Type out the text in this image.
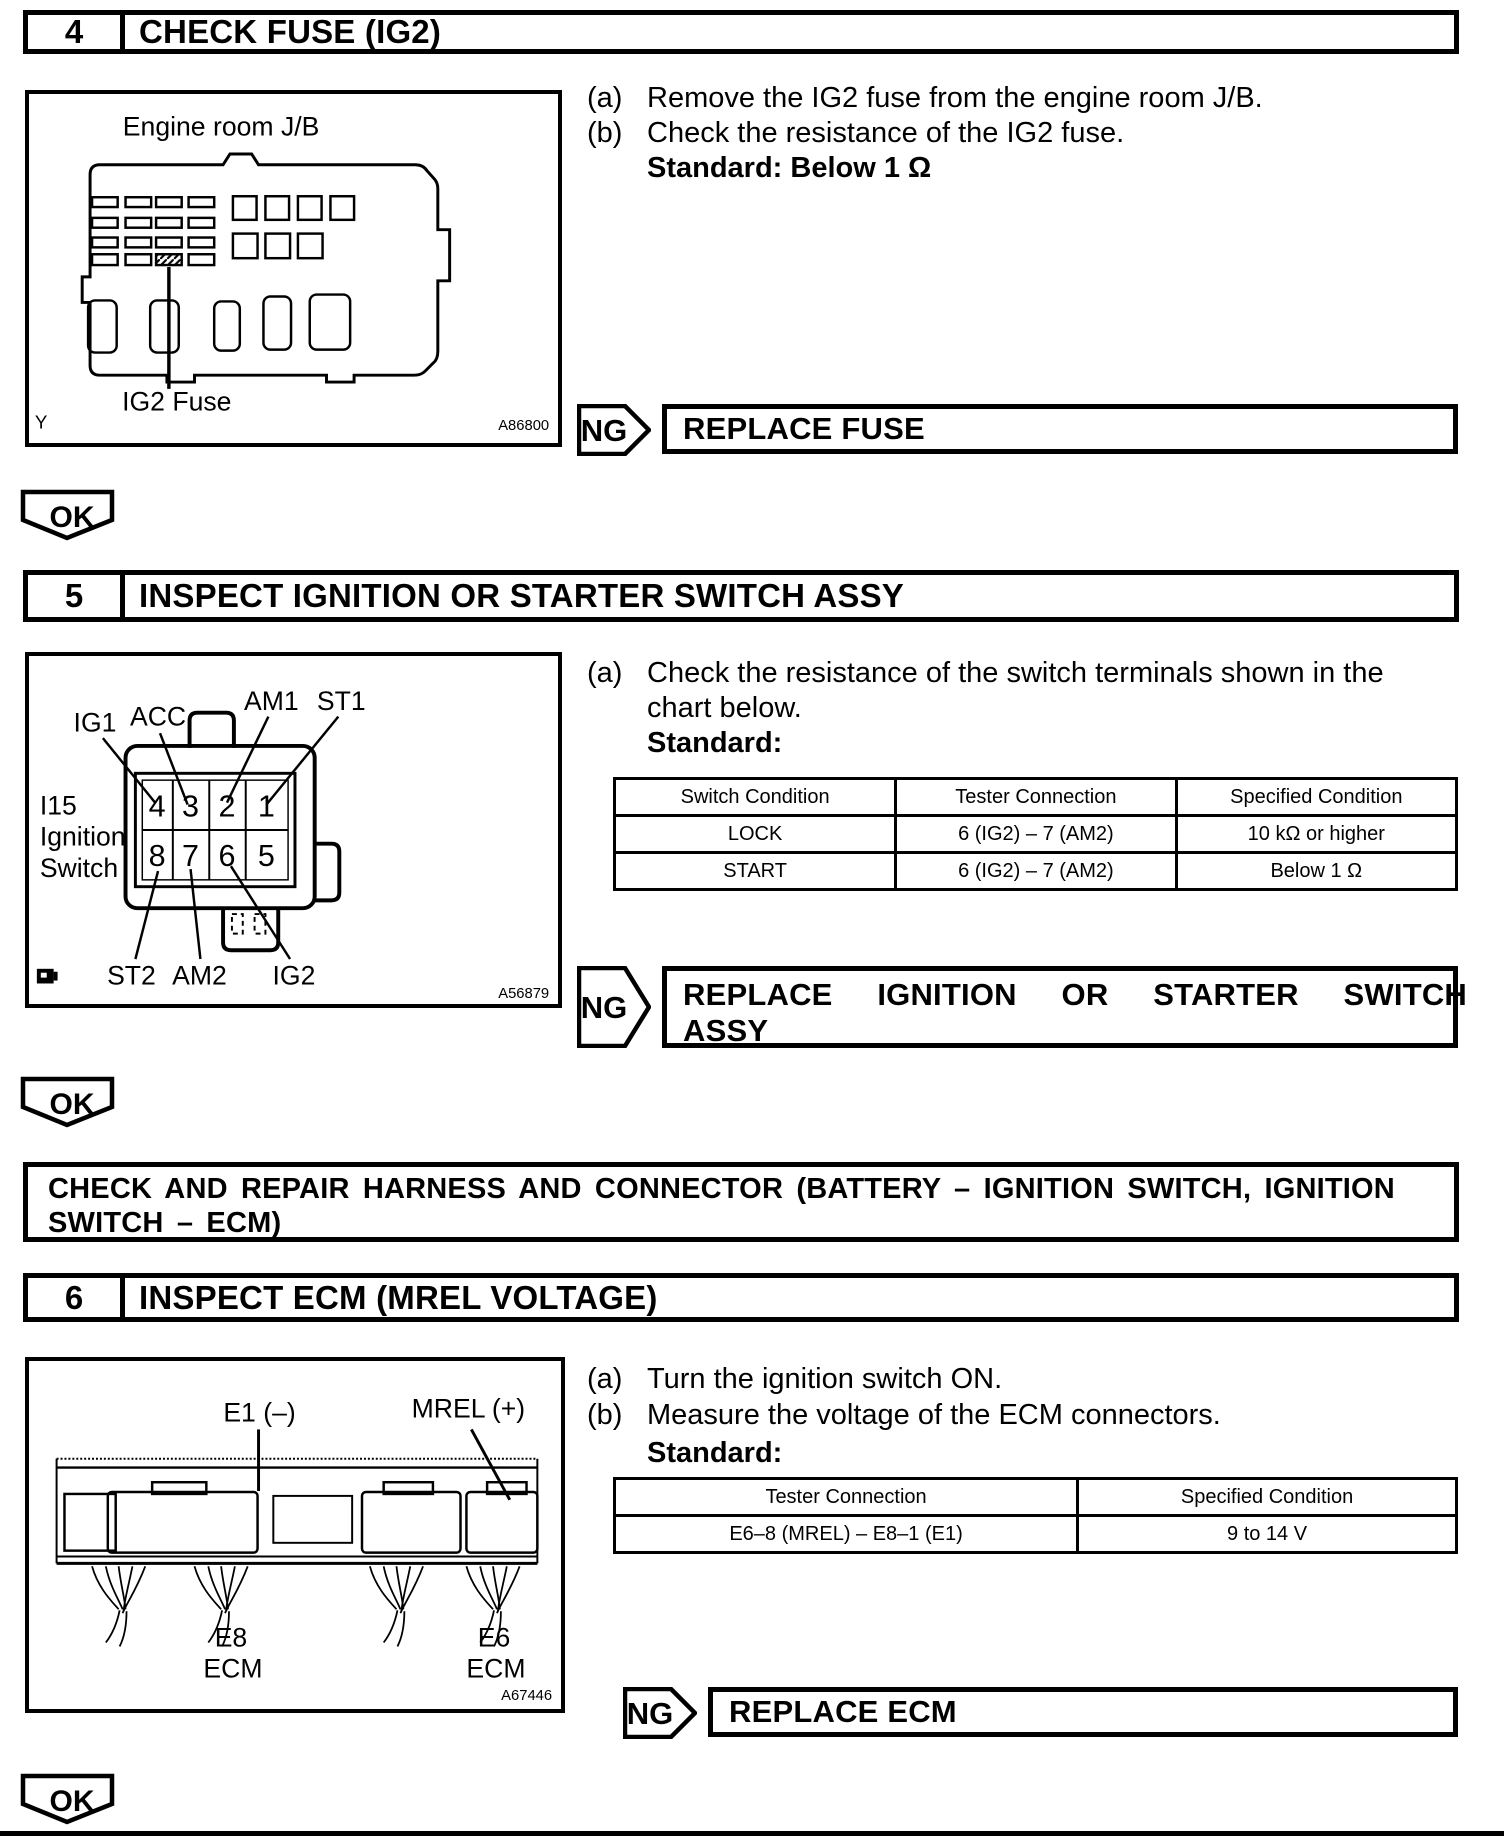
4	CHECK FUSE (IG2)
Engine room J/B
IG2 Fuse
Y	A86800
(a) Remove the IG2 fuse from the engine room J/B.
(b) Check the resistance of the IG2 fuse.
Standard: Below 1 Ω
NG	REPLACE FUSE
OK
5	INSPECT IGNITION OR STARTER SWITCH ASSY
4 3 2 1
8 7 6 5
IG1 ACC
AM1 ST1
ST2 AM2 IG2
I15
Ignition
Switch
A56879
(a) Check the resistance of the switch terminals shown in the
chart below.
Standard:
Switch Condition	Tester Connection	Specified Condition
LOCK	6 (IG2) – 7 (AM2)	10 kΩ or higher
START	6 (IG2) – 7 (AM2)	Below 1 Ω
NG REPLACE IGNITION OR STARTER SWITCH
ASSY
OK
CHECK AND REPAIR HARNESS AND CONNECTOR (BATTERY – IGNITION SWITCH, IGNITION
SWITCH – ECM)
6	INSPECT ECM (MREL VOLTAGE)
E1 (–)	MREL (+)
E8
ECM
E6
ECM
A67446
(a) Turn the ignition switch ON.
(b) Measure the voltage of the ECM connectors.
Standard:
Tester Connection	Specified Condition
E6–8 (MREL) – E8–1 (E1)	9 to 14 V
NG	REPLACE ECM
OK
